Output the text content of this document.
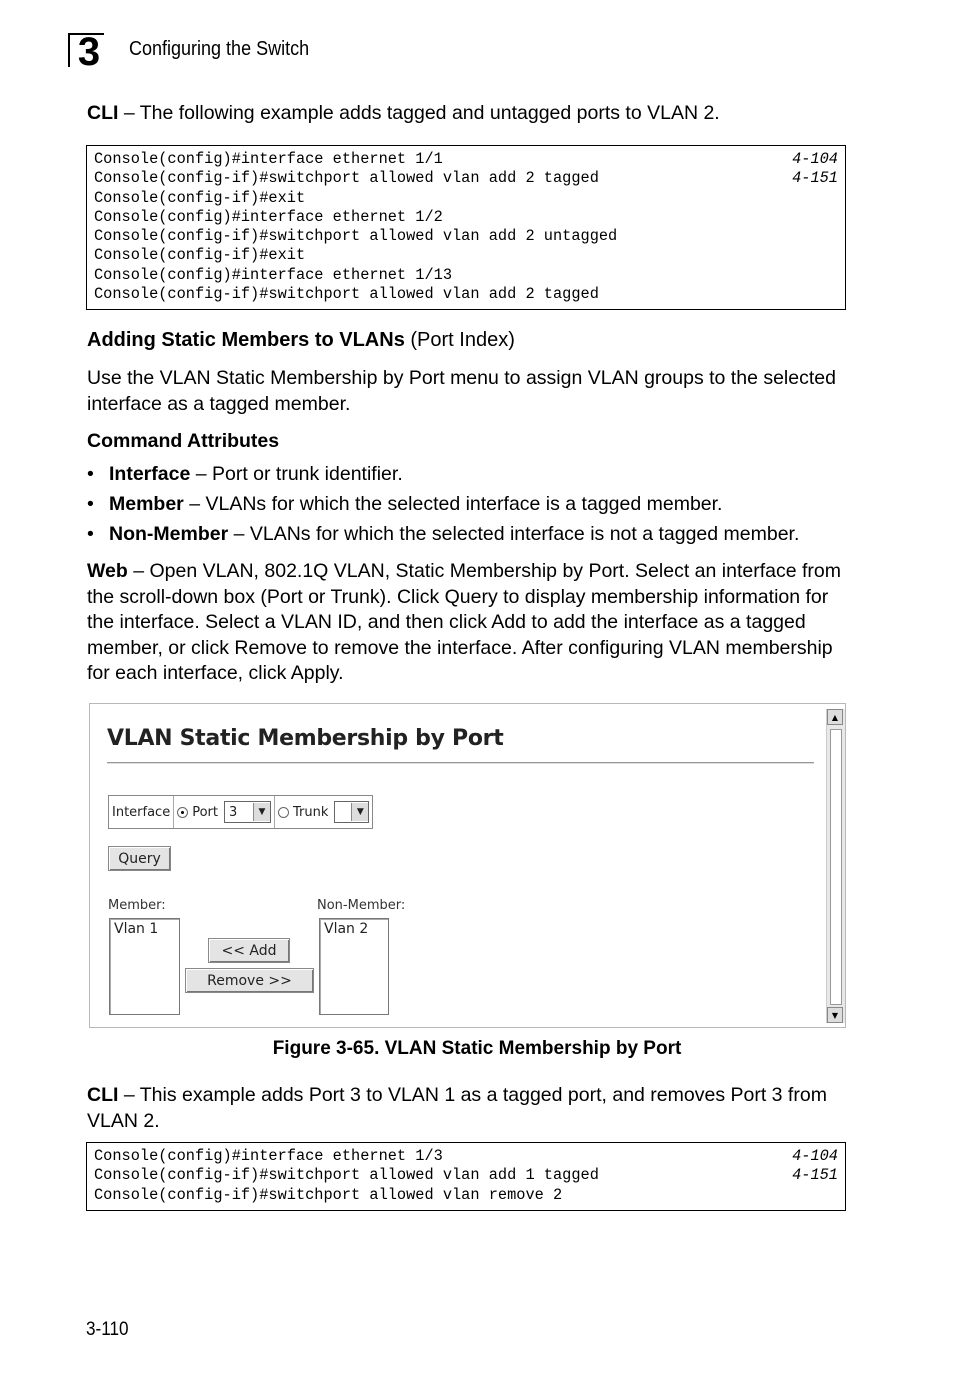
3 Configuring the Switch
CLI – The following example adds tagged and untagged ports to VLAN 2.
Console(config)#interface ethernet 1/1	4-104
Console(config-if)#switchport allowed vlan add 2 tagged	4-151
Console(config-if)#exit
Console(config)#interface ethernet 1/2
Console(config-if)#switchport allowed vlan add 2 untagged
Console(config-if)#exit
Console(config)#interface ethernet 1/13
Console(config-if)#switchport allowed vlan add 2 tagged
Adding Static Members to VLANs (Port Index)
Use the VLAN Static Membership by Port menu to assign VLAN groups to the selected interface as a tagged member.
Command Attributes
• Interface – Port or trunk identifier.
• Member – VLANs for which the selected interface is a tagged member.
• Non-Member – VLANs for which the selected interface is not a tagged member.
Web – Open VLAN, 802.1Q VLAN, Static Membership by Port. Select an interface from the scroll-down box (Port or Trunk). Click Query to display membership information for the interface. Select a VLAN ID, and then click Add to add the interface as a tagged member, or click Remove to remove the interface. After configuring VLAN membership for each interface, click Apply.
VLAN Static Membership by Port
Interface	Port 3	▼	Trunk	▼
Query
Member:
Vlan 1
<< Add
Remove >>
Non-Member:
Vlan 2
▲
▼
Figure 3-65. VLAN Static Membership by Port
CLI – This example adds Port 3 to VLAN 1 as a tagged port, and removes Port 3 from VLAN 2.
Console(config)#interface ethernet 1/3	4-104
Console(config-if)#switchport allowed vlan add 1 tagged	4-151
Console(config-if)#switchport allowed vlan remove 2
3-110
